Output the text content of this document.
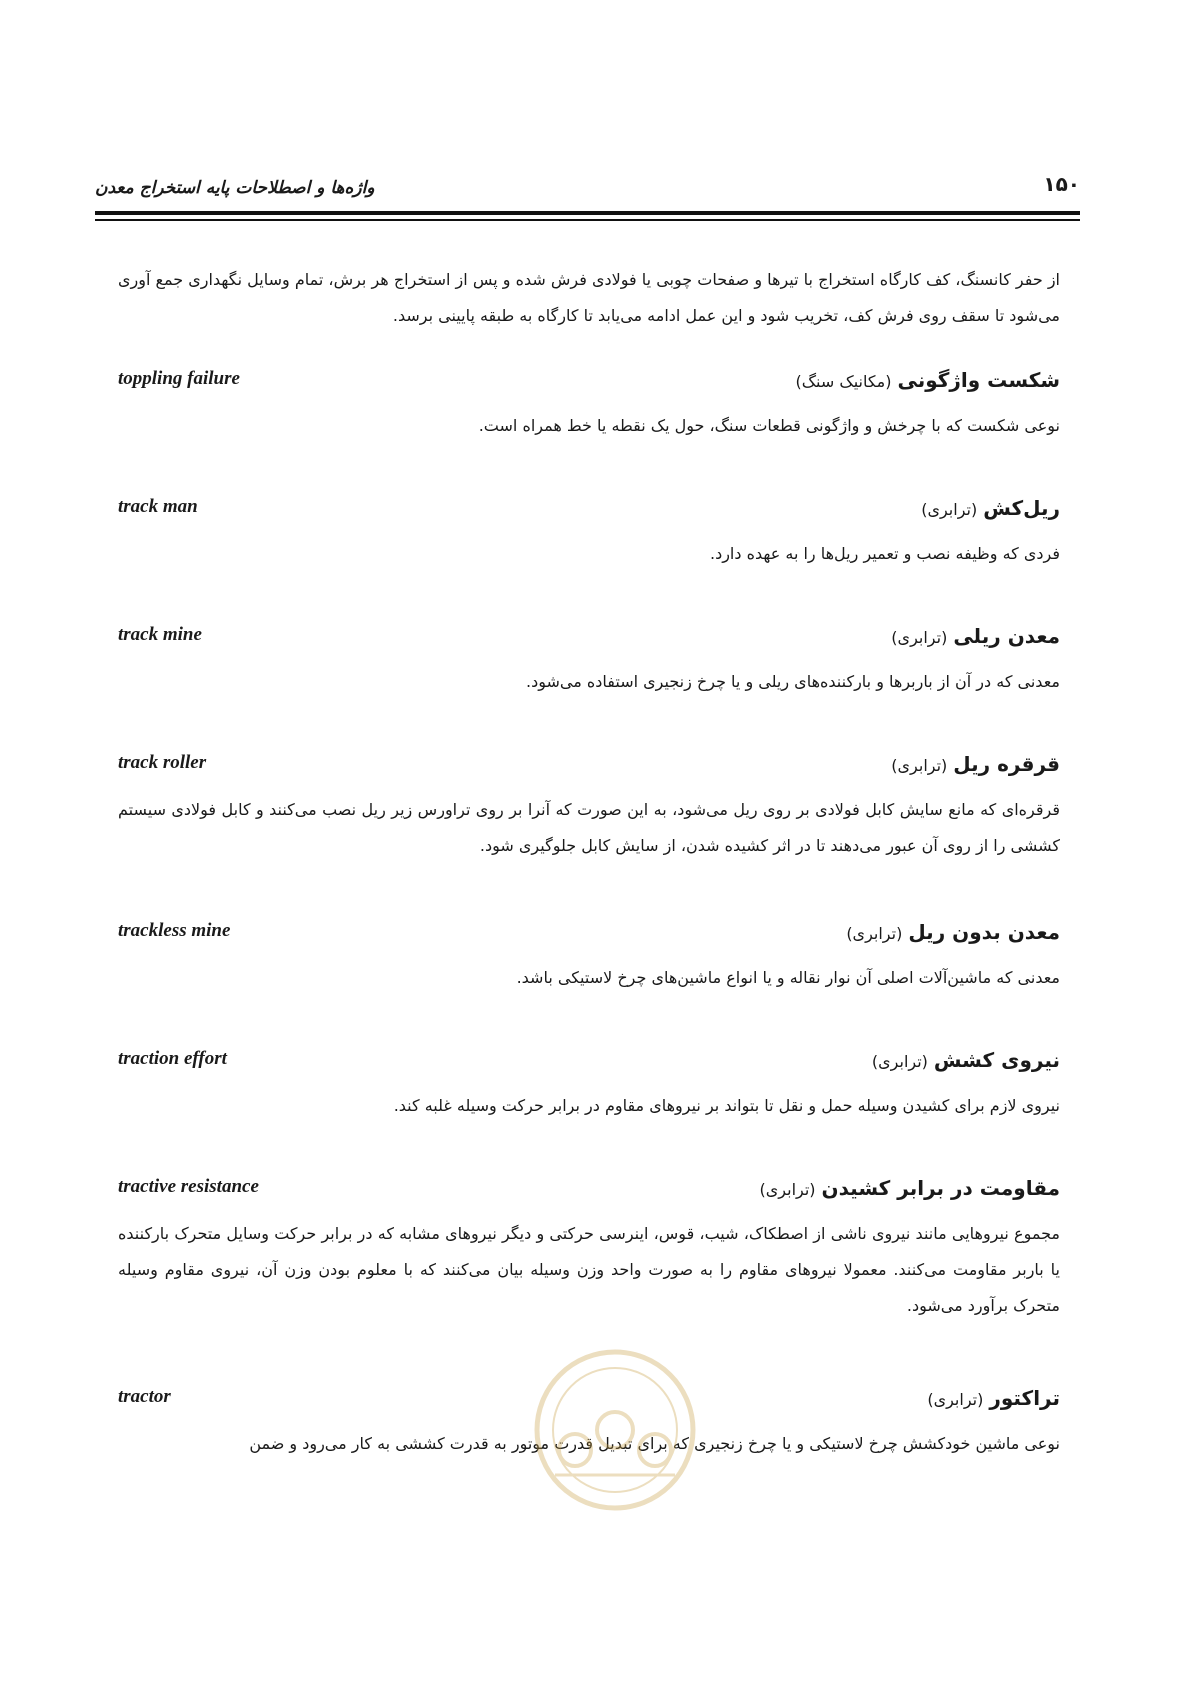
۱۵۰
واژه‌ها و اصطلاحات پایه استخراج معدن
از حفر کانسنگ، کف کارگاه استخراج با تیرها و صفحات چوبی یا فولادی فرش شده و پس از استخراج هر برش، تمام وسایل نگهداری جمع آوری می‌شود تا سقف روی فرش کف، تخریب شود و این عمل ادامه می‌یابد تا کارگاه به طبقه پایینی برسد.
شکست واژگونی(مکانیک سنگ)
toppling failure
نوعی شکست که با چرخش و واژگونی قطعات سنگ، حول یک نقطه یا خط همراه است.
ریل‌کش(ترابری)
track man
فردی که وظیفه نصب و تعمیر ریل‌ها را به عهده دارد.
معدن ریلی(ترابری)
track mine
معدنی که در آن از باربرها و بارکننده‌های ریلی و یا چرخ زنجیری استفاده می‌شود.
قرقره ریل(ترابری)
track roller
قرقره‌ای که مانع سایش کابل فولادی بر روی ریل می‌شود، به این صورت که آنرا بر روی تراورس زیر ریل نصب می‌کنند و کابل فولادی سیستم کششی را از روی آن عبور می‌دهند تا در اثر کشیده شدن، از سایش کابل جلوگیری شود.
معدن بدون ریل(ترابری)
trackless mine
معدنی که ماشین‌آلات اصلی آن نوار نقاله و یا انواع ماشین‌های چرخ لاستیکی باشد.
نیروی کشش(ترابری)
traction effort
نیروی لازم برای کشیدن وسیله حمل و نقل تا بتواند بر نیروهای مقاوم در برابر حرکت وسیله غلبه کند.
مقاومت در برابر کشیدن(ترابری)
tractive resistance
مجموع نیروهایی مانند نیروی ناشی از اصطکاک، شیب، قوس، اینرسی حرکتی و دیگر نیروهای مشابه که در برابر حرکت وسایل متحرک بارکننده یا باربر مقاومت می‌کنند. معمولا نیروهای مقاوم را به صورت واحد وزن وسیله بیان می‌کنند که با معلوم بودن وزن آن، نیروی مقاوم وسیله متحرک برآورد می‌شود.
تراکتور(ترابری)
tractor
نوعی ماشین خودکشش چرخ لاستیکی و یا چرخ زنجیری که برای تبدیل قدرت موتور به قدرت کششی به کار می‌رود و ضمن
